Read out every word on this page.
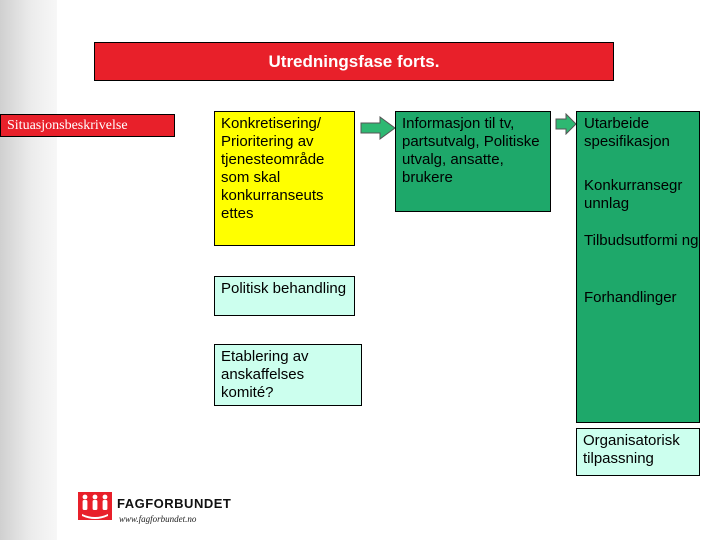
Utredningsfase forts.
Situasjonsbeskrivelse	Konkretisering/ Prioritering av tjenesteområde som skal konkurranseuts ettes
Politisk behandling
Etablering av anskaffelses komité?
Informasjon til tv, partsutvalg, Politiske utvalg, ansatte, brukere
Utarbeide spesifikasjon
Konkurransegr unnlag
Tilbudsutformi ng
Forhandlinger
Organisatorisk tilpassning
FAGFORBUNDET
www.fagforbundet.no
